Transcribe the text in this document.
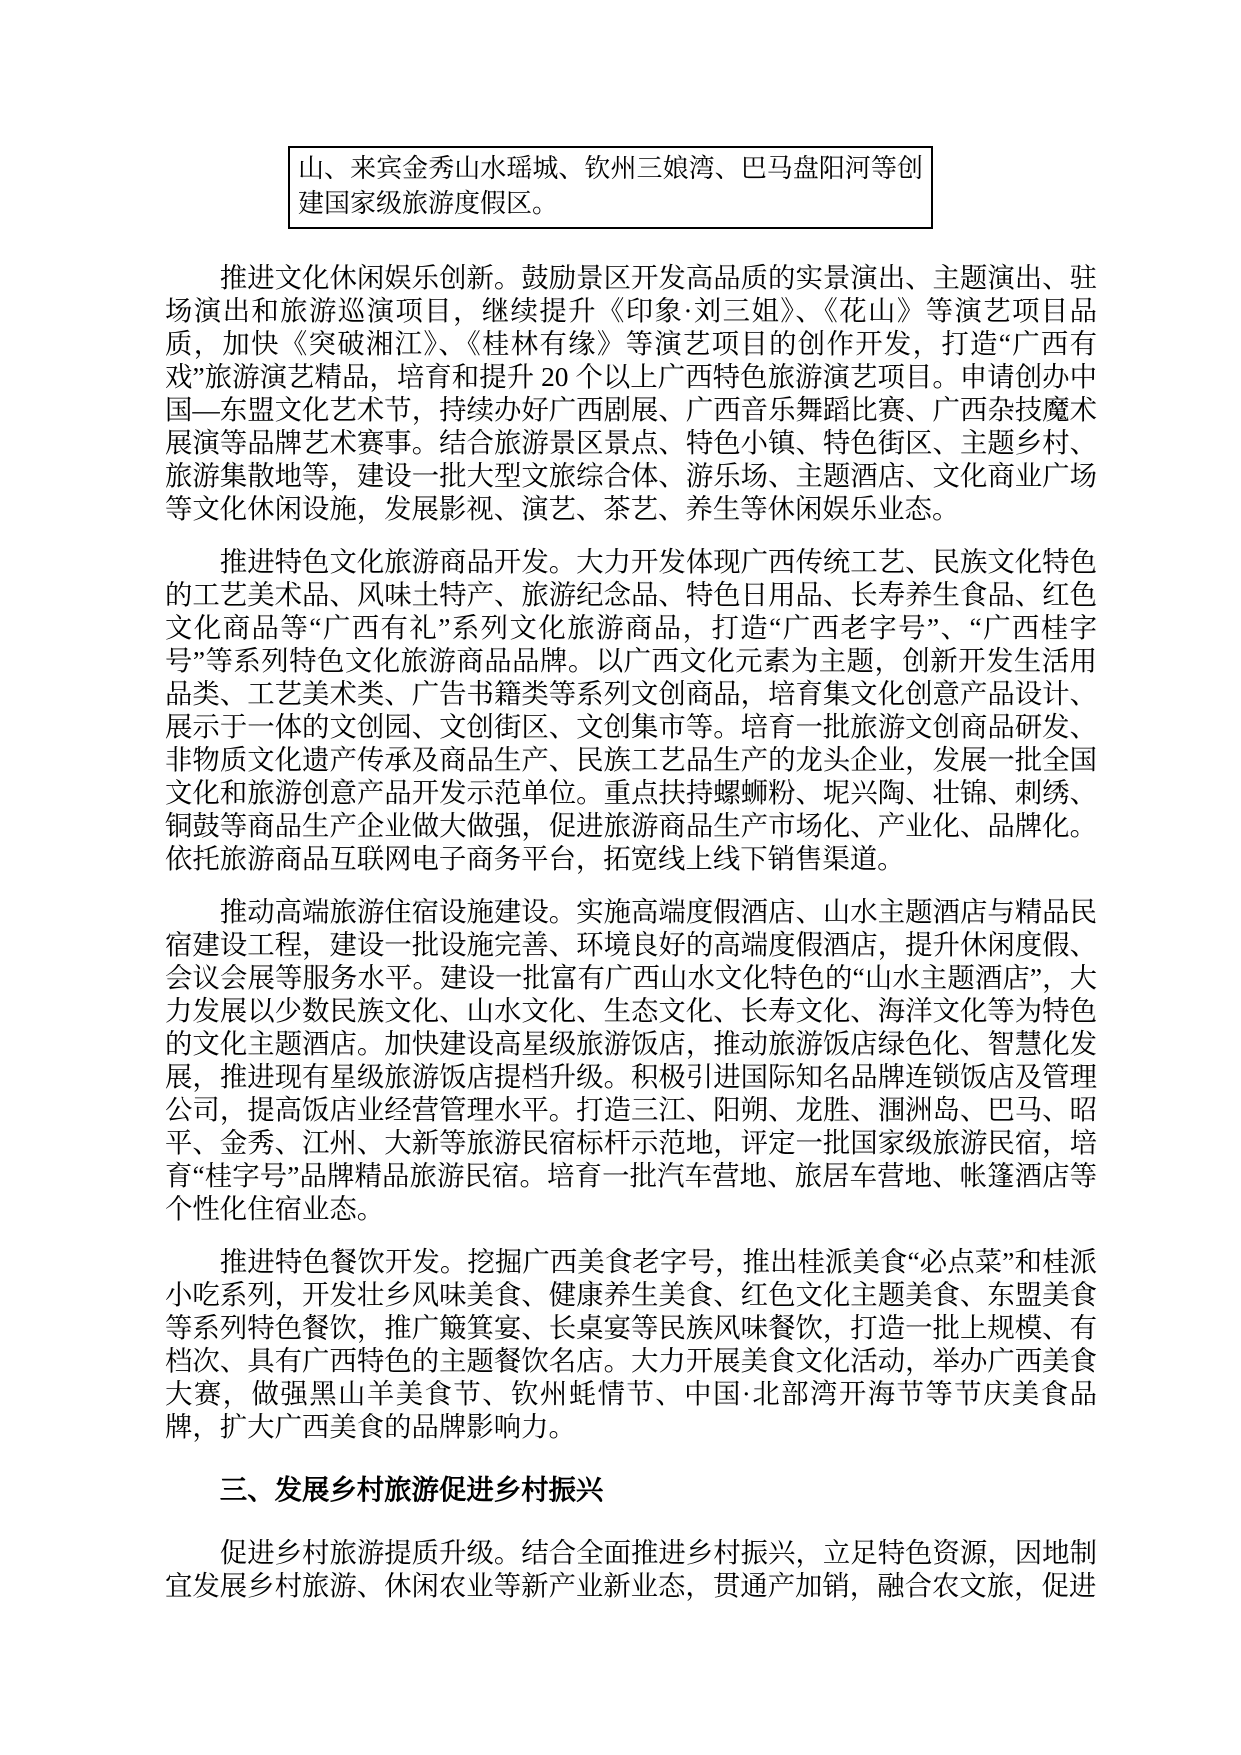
山、来宾金秀山水瑶城、钦州三娘湾、巴马盘阳河等创建国家级旅游度假区。

推进文化休闲娱乐创新。鼓励景区开发高品质的实景演出、主题演出、驻场演出和旅游巡演项目，继续提升《印象·刘三姐》、《花山》等演艺项目品质，加快《突破湘江》、《桂林有缘》等演艺项目的创作开发，打造“广西有戏”旅游演艺精品，培育和提升 20 个以上广西特色旅游演艺项目。申请创办中国—东盟文化艺术节，持续办好广西剧展、广西音乐舞蹈比赛、广西杂技魔术展演等品牌艺术赛事。结合旅游景区景点、特色小镇、特色街区、主题乡村、旅游集散地等，建设一批大型文旅综合体、游乐场、主题酒店、文化商业广场等文化休闲设施，发展影视、演艺、茶艺、养生等休闲娱乐业态。

推进特色文化旅游商品开发。大力开发体现广西传统工艺、民族文化特色的工艺美术品、风味土特产、旅游纪念品、特色日用品、长寿养生食品、红色文化商品等“广西有礼”系列文化旅游商品，打造“广西老字号”、“广西桂字号”等系列特色文化旅游商品品牌。以广西文化元素为主题，创新开发生活用品类、工艺美术类、广告书籍类等系列文创商品，培育集文化创意产品设计、展示于一体的文创园、文创街区、文创集市等。培育一批旅游文创商品研发、非物质文化遗产传承及商品生产、民族工艺品生产的龙头企业，发展一批全国文化和旅游创意产品开发示范单位。重点扶持螺蛳粉、坭兴陶、壮锦、刺绣、铜鼓等商品生产企业做大做强，促进旅游商品生产市场化、产业化、品牌化。依托旅游商品互联网电子商务平台，拓宽线上线下销售渠道。

推动高端旅游住宿设施建设。实施高端度假酒店、山水主题酒店与精品民宿建设工程，建设一批设施完善、环境良好的高端度假酒店，提升休闲度假、会议会展等服务水平。建设一批富有广西山水文化特色的“山水主题酒店”，大力发展以少数民族文化、山水文化、生态文化、长寿文化、海洋文化等为特色的文化主题酒店。加快建设高星级旅游饭店，推动旅游饭店绿色化、智慧化发展，推进现有星级旅游饭店提档升级。积极引进国际知名品牌连锁饭店及管理公司，提高饭店业经营管理水平。打造三江、阳朔、龙胜、涠洲岛、巴马、昭平、金秀、江州、大新等旅游民宿标杆示范地，评定一批国家级旅游民宿，培育“桂字号”品牌精品旅游民宿。培育一批汽车营地、旅居车营地、帐篷酒店等个性化住宿业态。

推进特色餐饮开发。挖掘广西美食老字号，推出桂派美食“必点菜”和桂派小吃系列，开发壮乡风味美食、健康养生美食、红色文化主题美食、东盟美食等系列特色餐饮，推广簸箕宴、长桌宴等民族风味餐饮，打造一批上规模、有档次、具有广西特色的主题餐饮名店。大力开展美食文化活动，举办广西美食大赛，做强黑山羊美食节、钦州蚝情节、中国·北部湾开海节等节庆美食品牌，扩大广西美食的品牌影响力。

三、发展乡村旅游促进乡村振兴

促进乡村旅游提质升级。结合全面推进乡村振兴，立足特色资源，因地制宜发展乡村旅游、休闲农业等新产业新业态，贯通产加销，融合农文旅，促进
